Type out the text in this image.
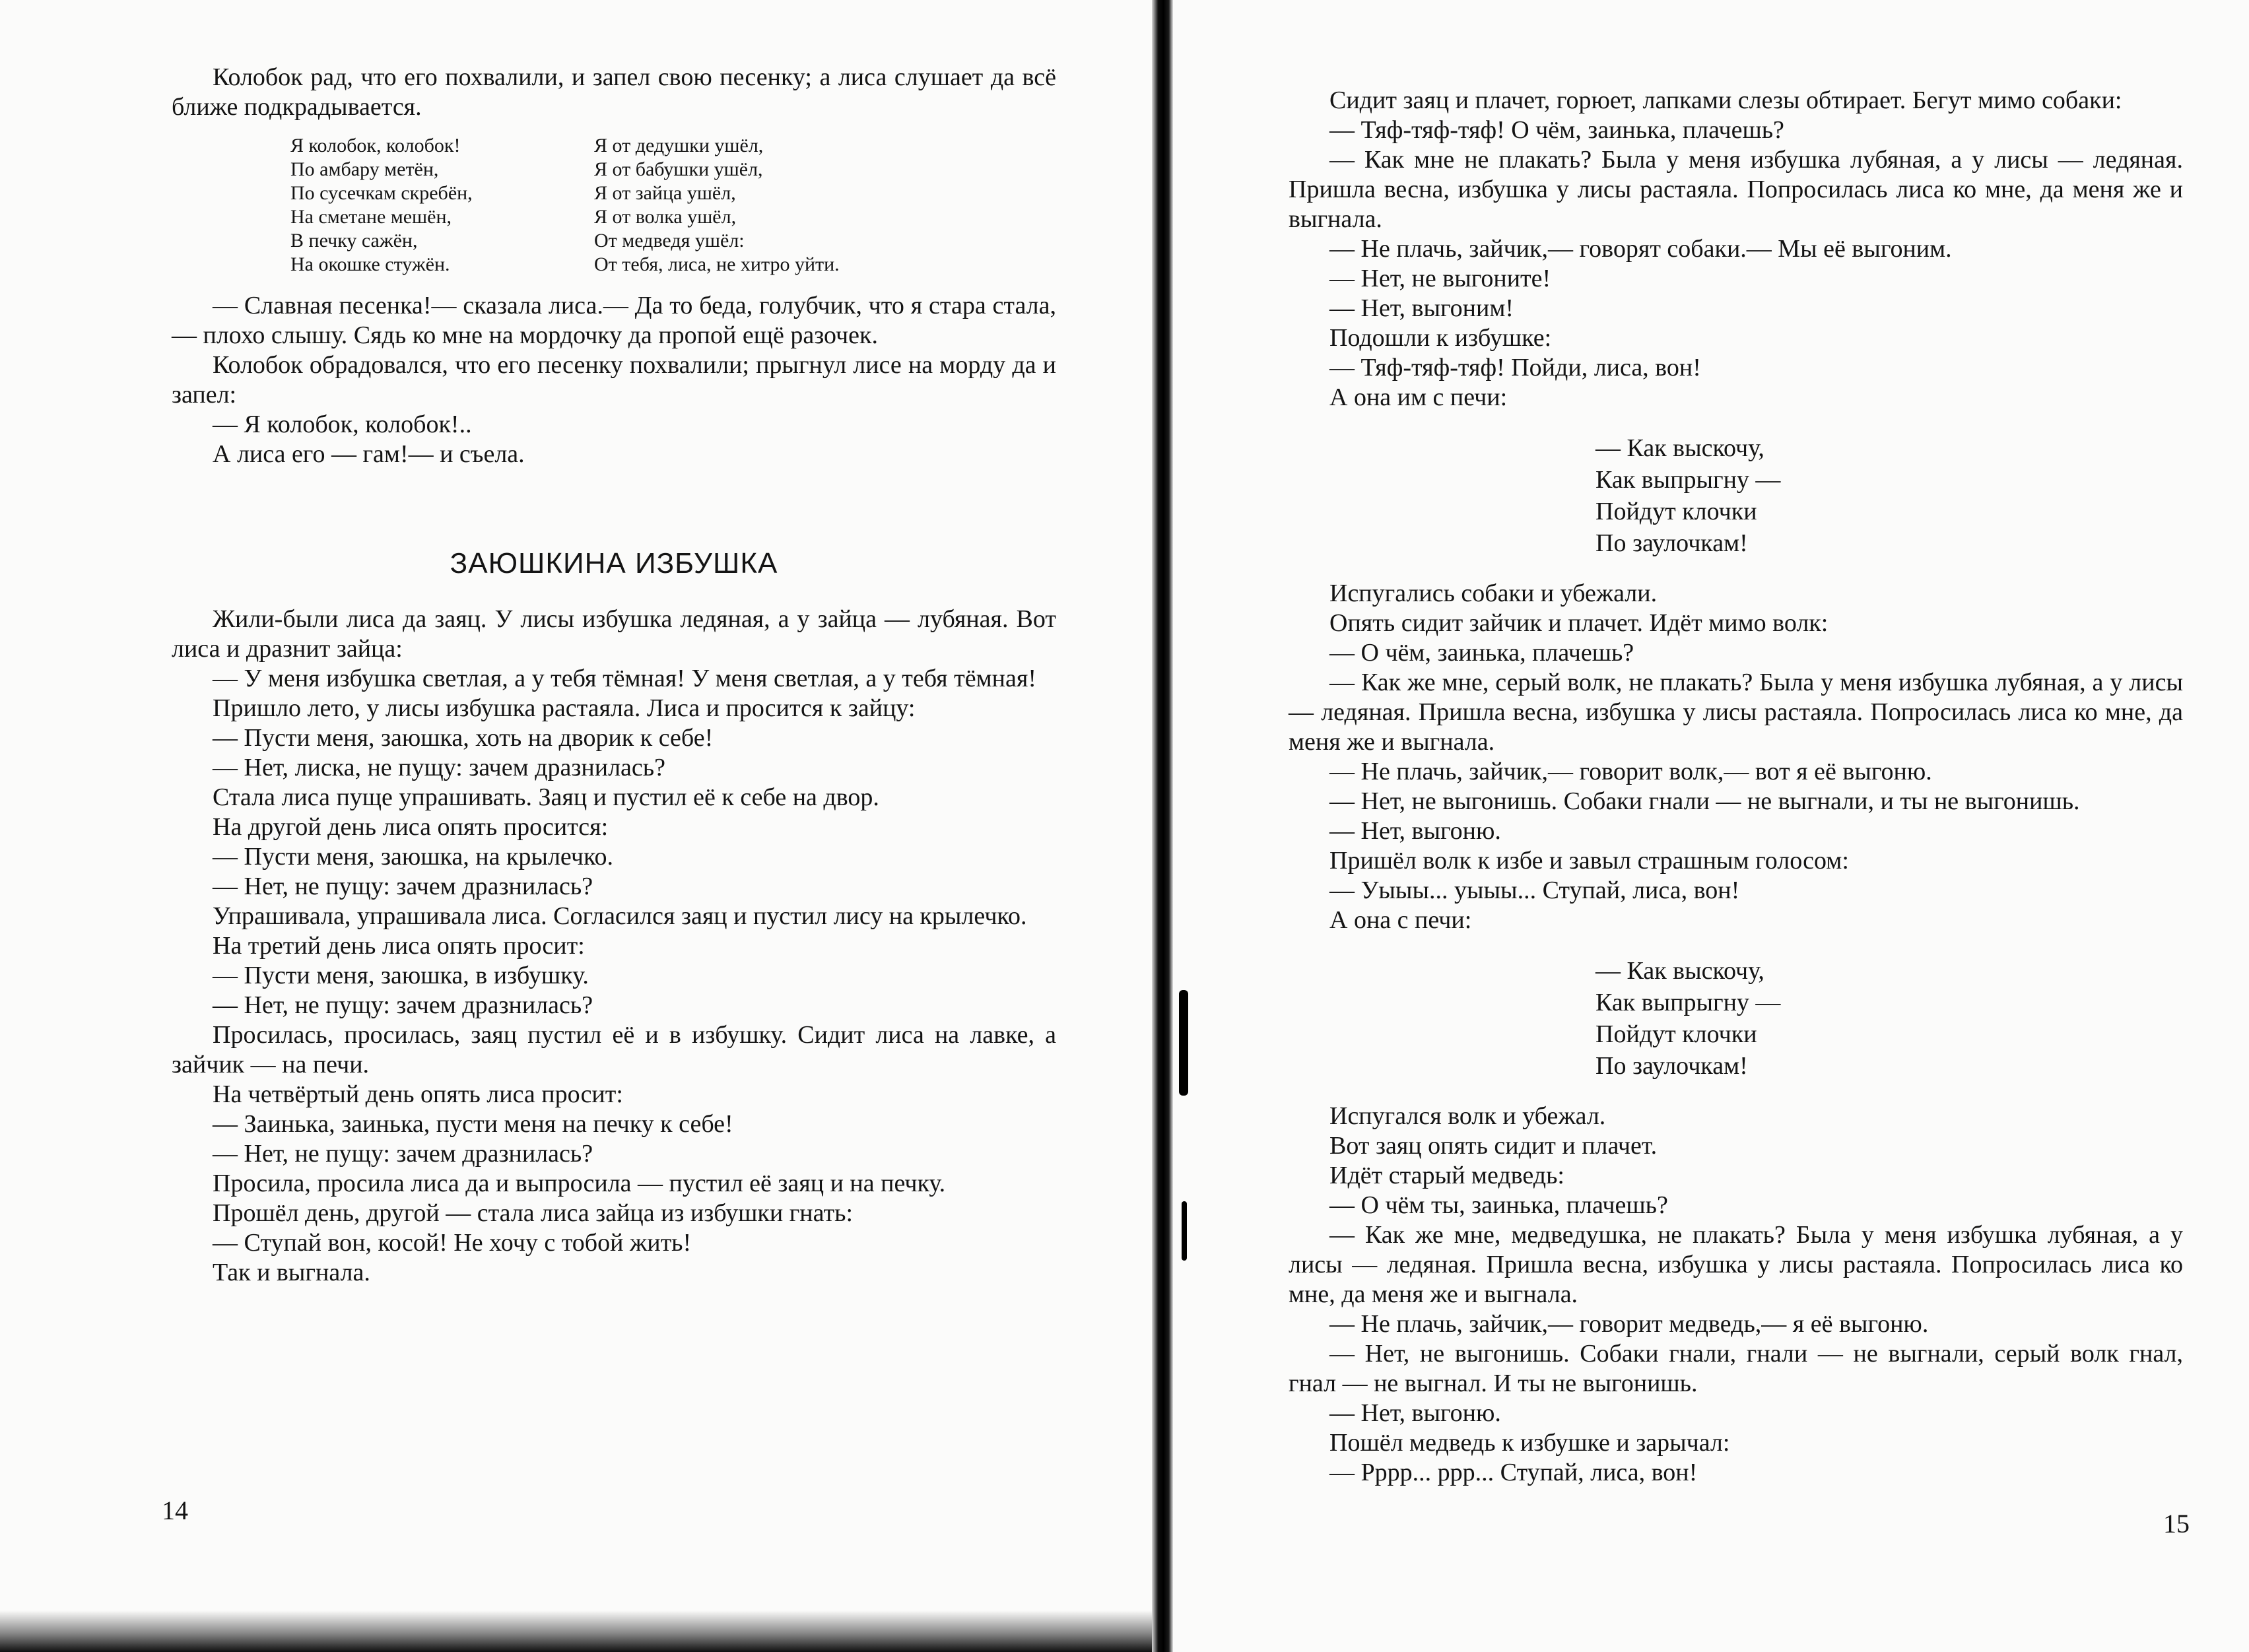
Колобок рад, что его похвалили, и запел свою песенку; а лиса слушает да всё ближе подкрадывается.

Я колобок, колобок!
По амбару метён,
По сусечкам скребён,
На сметане мешён,
В печку сажён,
На окошке стужён.
Я от дедушки ушёл,
Я от бабушки ушёл,
Я от зайца ушёл,
Я от волка ушёл,
От медведя ушёл:
От тебя, лиса, не хитро уйти.

— Славная песенка!— сказала лиса.— Да то беда, голубчик, что я стара стала,— плохо слышу. Сядь ко мне на мордочку да пропой ещё разочек.

Колобок обрадовался, что его песенку похвалили; прыгнул лисе на морду да и запел:

— Я колобок, колобок!..

А лиса его — гам!— и съела.

ЗАЮШКИНА ИЗБУШКА

Жили-были лиса да заяц. У лисы избушка ледяная, а у зайца — лубяная. Вот лиса и дразнит зайца:

— У меня избушка светлая, а у тебя тёмная! У меня светлая, а у тебя тёмная!

Пришло лето, у лисы избушка растаяла. Лиса и просится к зайцу:

— Пусти меня, заюшка, хоть на дворик к себе!

— Нет, лиска, не пущу: зачем дразнилась?

Стала лиса пуще упрашивать. Заяц и пустил её к себе на двор.

На другой день лиса опять просится:

— Пусти меня, заюшка, на крылечко.

— Нет, не пущу: зачем дразнилась?

Упрашивала, упрашивала лиса. Согласился заяц и пустил лису на крылечко.

На третий день лиса опять просит:

— Пусти меня, заюшка, в избушку.

— Нет, не пущу: зачем дразнилась?

Просилась, просилась, заяц пустил её и в избушку. Сидит лиса на лавке, а зайчик — на печи.

На четвёртый день опять лиса просит:

— Заинька, заинька, пусти меня на печку к себе!

— Нет, не пущу: зачем дразнилась?

Просила, просила лиса да и выпросила — пустил её заяц и на печку.

Прошёл день, другой — стала лиса зайца из избушки гнать:

— Ступай вон, косой! Не хочу с тобой жить!

Так и выгнала.

14

Сидит заяц и плачет, горюет, лапками слезы обтирает. Бегут мимо собаки:

— Тяф-тяф-тяф! О чём, заинька, плачешь?

— Как мне не плакать? Была у меня избушка лубяная, а у лисы — ледяная. Пришла весна, избушка у лисы растаяла. Попросилась лиса ко мне, да меня же и выгнала.

— Не плачь, зайчик,— говорят собаки.— Мы её выгоним.

— Нет, не выгоните!

— Нет, выгоним!

Подошли к избушке:

— Тяф-тяф-тяф! Пойди, лиса, вон!

А она им с печи:

— Как выскочу,
Как выпрыгну —
Пойдут клочки
По заулочкам!

Испугались собаки и убежали.

Опять сидит зайчик и плачет. Идёт мимо волк:

— О чём, заинька, плачешь?

— Как же мне, серый волк, не плакать? Была у меня избушка лубяная, а у лисы — ледяная. Пришла весна, избушка у лисы растаяла. Попросилась лиса ко мне, да меня же и выгнала.

— Не плачь, зайчик,— говорит волк,— вот я её выгоню.

— Нет, не выгонишь. Собаки гнали — не выгнали, и ты не выгонишь.

— Нет, выгоню.

Пришёл волк к избе и завыл страшным голосом:

— Уыыы... уыыы... Ступай, лиса, вон!

А она с печи:

— Как выскочу,
Как выпрыгну —
Пойдут клочки
По заулочкам!

Испугался волк и убежал.

Вот заяц опять сидит и плачет.

Идёт старый медведь:

— О чём ты, заинька, плачешь?

— Как же мне, медведушка, не плакать? Была у меня избушка лубяная, а у лисы — ледяная. Пришла весна, избушка у лисы растаяла. Попросилась лиса ко мне, да меня же и выгнала.

— Не плачь, зайчик,— говорит медведь,— я её выгоню.

— Нет, не выгонишь. Собаки гнали, гнали — не выгнали, серый волк гнал, гнал — не выгнал. И ты не выгонишь.

— Нет, выгоню.

Пошёл медведь к избушке и зарычал:

— Рррр... ррр... Ступай, лиса, вон!

15
